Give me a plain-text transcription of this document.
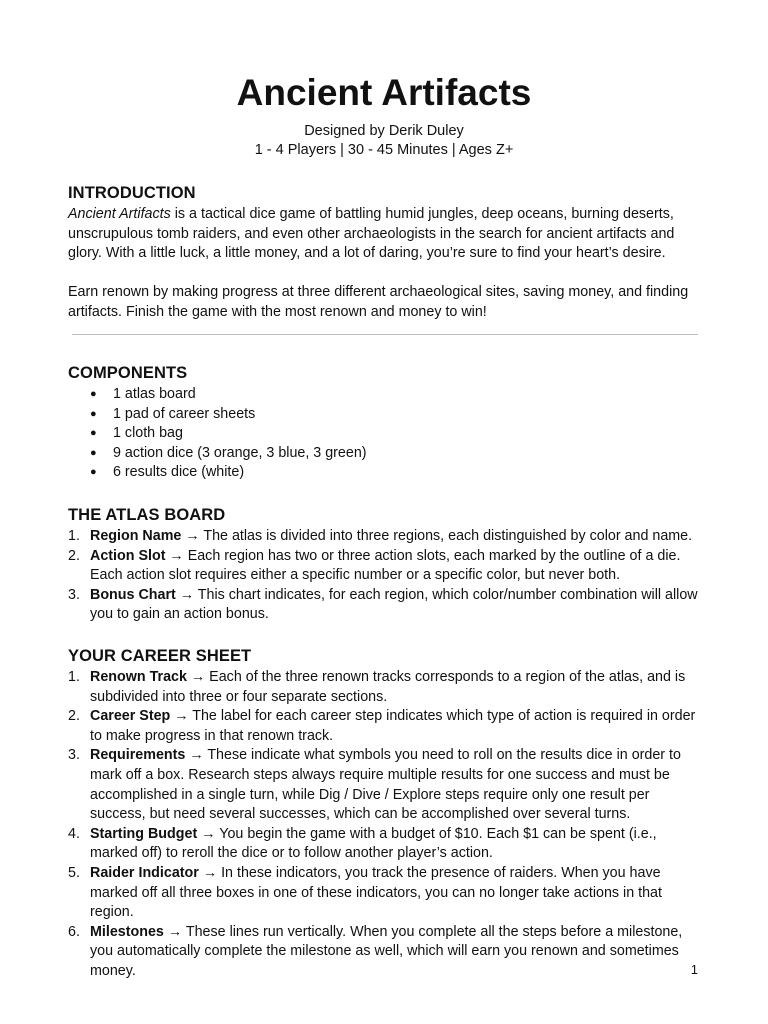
Ancient Artifacts
Designed by Derik Duley
1 - 4 Players | 30 - 45 Minutes | Ages Z+
INTRODUCTION

Ancient Artifacts is a tactical dice game of battling humid jungles, deep oceans, burning deserts, unscrupulous tomb raiders, and even other archaeologists in the search for ancient artifacts and glory. With a little luck, a little money, and a lot of daring, you’re sure to find your heart’s desire.

Earn renown by making progress at three different archaeological sites, saving money, and finding artifacts. Finish the game with the most renown and money to win!

COMPONENTS
● 1 atlas board
● 1 pad of career sheets
● 1 cloth bag
● 9 action dice (3 orange, 3 blue, 3 green)
● 6 results dice (white)
THE ATLAS BOARD
1. Region Name → The atlas is divided into three regions, each distinguished by color and name.
2. Action Slot → Each region has two or three action slots, each marked by the outline of a die. Each action slot requires either a specific number or a specific color, but never both.
3. Bonus Chart → This chart indicates, for each region, which color/number combination will allow you to gain an action bonus.
YOUR CAREER SHEET
1. Renown Track → Each of the three renown tracks corresponds to a region of the atlas, and is subdivided into three or four separate sections.
2. Career Step → The label for each career step indicates which type of action is required in order to make progress in that renown track.
3. Requirements → These indicate what symbols you need to roll on the results dice in order to mark off a box. Research steps always require multiple results for one success and must be accomplished in a single turn, while Dig / Dive / Explore steps require only one result per success, but need several successes, which can be accomplished over several turns.
4. Starting Budget → You begin the game with a budget of $10. Each $1 can be spent (i.e., marked off) to reroll the dice or to follow another player’s action.
5. Raider Indicator → In these indicators, you track the presence of raiders. When you have marked off all three boxes in one of these indicators, you can no longer take actions in that region.
6. Milestones → These lines run vertically. When you complete all the steps before a milestone, you automatically complete the milestone as well, which will earn you renown and sometimes money.	1
